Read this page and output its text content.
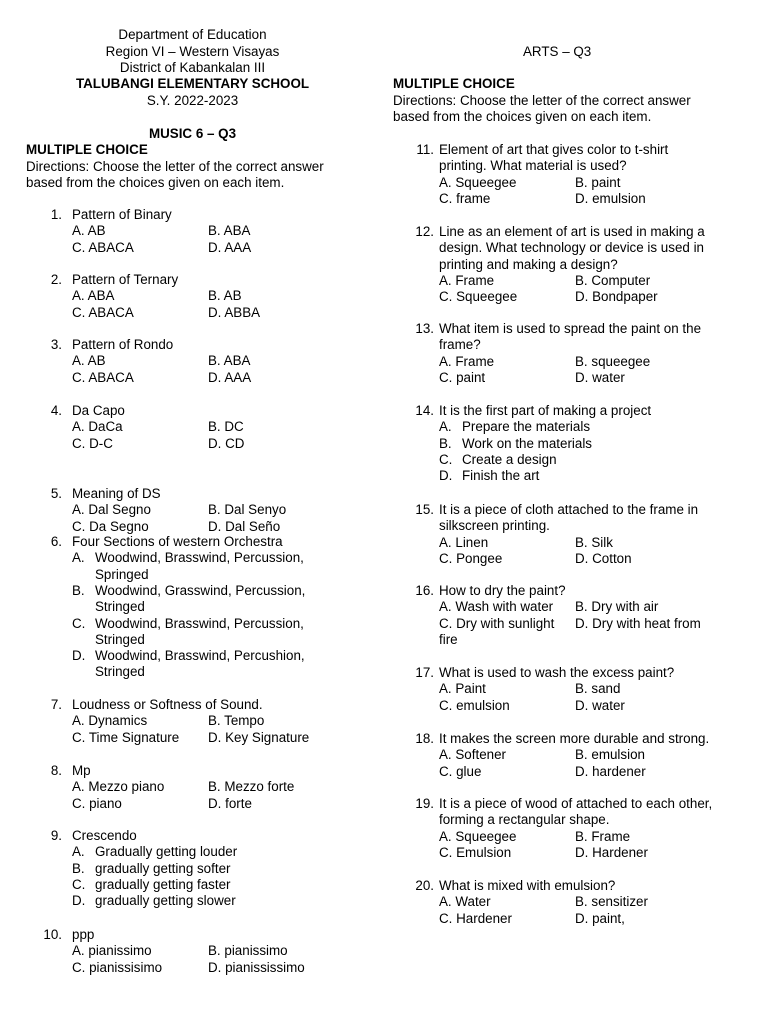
Department of Education
Region VI – Western Visayas
District of Kabankalan III
TALUBANGI ELEMENTARY SCHOOL
S.Y. 2022-2023
MUSIC 6 – Q3
MULTIPLE CHOICE
Directions: Choose the letter of the correct answer
based from the choices given on each item.
ARTS – Q3
MULTIPLE CHOICE
Directions: Choose the letter of the correct answer
based from the choices given on each item.
1. Pattern of Binary
A. AB	B. ABA
C. ABACA	D. AAA
2. Pattern of Ternary
A. ABA	B. AB
C. ABACA	D. ABBA
3. Pattern of Rondo
A. AB	B. ABA
C. ABACA	D. AAA
4. Da Capo
A. DaCa	B. DC
C. D-C	D. CD
5. Meaning of DS
A. Dal Segno	B. Dal Senyo
C. Da Segno	D. Dal Seño
6. Four Sections of western Orchestra
A. Woodwind, Brasswind, Percussion,
Springed
B. Woodwind, Grasswind, Percussion,
Stringed
C. Woodwind, Brasswind, Percussion,
Stringed
D. Woodwind, Brasswind, Percushion,
Stringed
7. Loudness or Softness of Sound.
A. Dynamics	B. Tempo
C. Time Signature D. Key Signature
8. Mp
A. Mezzo piano	B. Mezzo forte
C. piano	D. forte
9. Crescendo
A. Gradually getting louder
B. gradually getting softer
C. gradually getting faster
D. gradually getting slower
10. ppp
A. pianissimo	B. pianissimo
C. pianissisimo	D. pianississimo
11. Element of art that gives color to t-shirt
printing. What material is used?
A. Squeegee	B. paint
C. frame	D. emulsion
12. Line as an element of art is used in making a
design. What technology or device is used in
printing and making a design?
A. Frame	B. Computer
C. Squeegee	D. Bondpaper
13. What item is used to spread the paint on the
frame?
A. Frame	B. squeegee
C. paint	D. water
14. It is the first part of making a project
A. Prepare the materials
B. Work on the materials
C. Create a design
D. Finish the art
15. It is a piece of cloth attached to the frame in
silkscreen printing.
A. Linen	B. Silk
C. Pongee	D. Cotton
16. How to dry the paint?
A. Wash with water B. Dry with air
C. Dry with sunlight D. Dry with heat from
fire
17. What is used to wash the excess paint?
A. Paint	B. sand
C. emulsion	D. water
18. It makes the screen more durable and strong.
A. Softener	B. emulsion
C. glue	D. hardener
19. It is a piece of wood of attached to each other,
forming a rectangular shape.
A. Squeegee	B. Frame
C. Emulsion	D. Hardener
20. What is mixed with emulsion?
A. Water	B. sensitizer
C. Hardener	D. paint,
